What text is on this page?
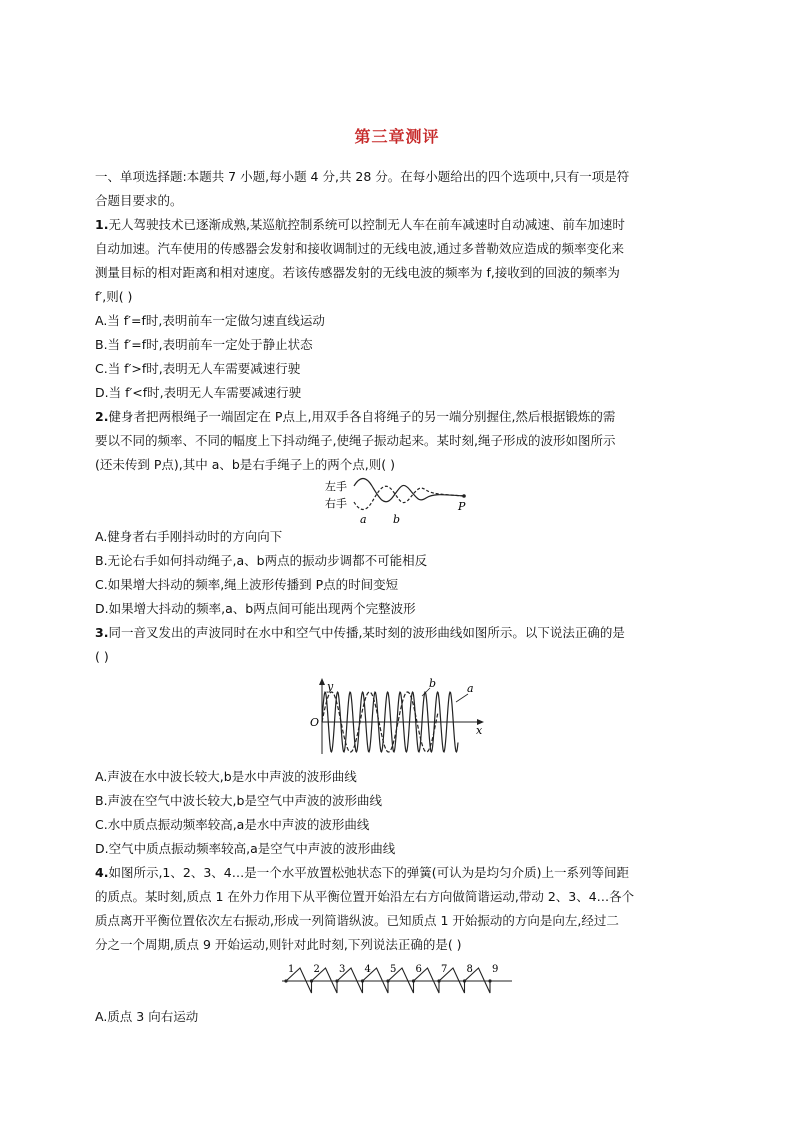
第三章测评
一、单项选择题:本题共 7 小题,每小题 4 分,共 28 分。在每小题给出的四个选项中,只有一项是符
合题目要求的。
1.无人驾驶技术已逐渐成熟,某巡航控制系统可以控制无人车在前车减速时自动减速、前车加速时
自动加速。汽车使用的传感器会发射和接收调制过的无线电波,通过多普勒效应造成的频率变化来
测量目标的相对距离和相对速度。若该传感器发射的无线电波的频率为 f,接收到的回波的频率为
f′,则( )
A.当 f′=f时,表明前车一定做匀速直线运动
B.当 f′=f时,表明前车一定处于静止状态
C.当 f′>f时,表明无人车需要减速行驶
D.当 f′<f时,表明无人车需要减速行驶
2.健身者把两根绳子一端固定在 P点上,用双手各自将绳子的另一端分别握住,然后根据锻炼的需
要以不同的频率、不同的幅度上下抖动绳子,使绳子振动起来。某时刻,绳子形成的波形如图所示
(还未传到 P点),其中 a、b是右手绳子上的两个点,则( )
左手
右手
a b
P
A.健身者右手刚抖动时的方向向下
B.无论右手如何抖动绳子,a、b两点的振动步调都不可能相反
C.如果增大抖动的频率,绳上波形传播到 P点的时间变短
D.如果增大抖动的频率,a、b两点间可能出现两个完整波形
3.同一音叉发出的声波同时在水中和空气中传播,某时刻的波形曲线如图所示。以下说法正确的是
( )
O
y
x
a
b
A.声波在水中波长较大,b是水中声波的波形曲线
B.声波在空气中波长较大,b是空气中声波的波形曲线
C.水中质点振动频率较高,a是水中声波的波形曲线
D.空气中质点振动频率较高,a是空气中声波的波形曲线
4.如图所示,1、2、3、4…是一个水平放置松弛状态下的弹簧(可认为是均匀介质)上一系列等间距
的质点。某时刻,质点 1 在外力作用下从平衡位置开始沿左右方向做简谐运动,带动 2、3、4…各个
质点离开平衡位置依次左右振动,形成一列简谐纵波。已知质点 1 开始振动的方向是向左,经过二
分之一个周期,质点 9 开始运动,则针对此时刻,下列说法正确的是( )
1 2 3 4 5 6 7 8 9
A.质点 3 向右运动
